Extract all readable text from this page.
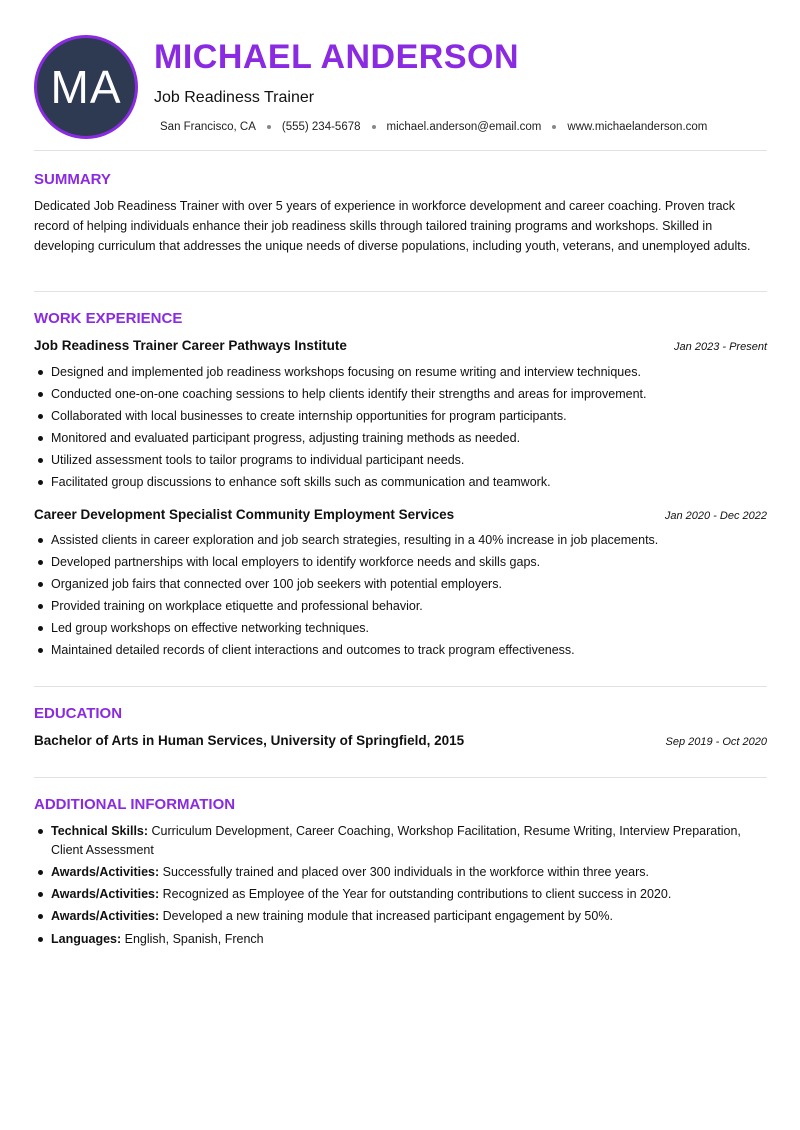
MA
MICHAEL ANDERSON
Job Readiness Trainer
San Francisco, CA (555) 234-5678 michael.anderson@email.com www.michaelanderson.com
SUMMARY

Dedicated Job Readiness Trainer with over 5 years of experience in workforce development and career coaching. Proven track record of helping individuals enhance their job readiness skills through tailored training programs and workshops. Skilled in developing curriculum that addresses the unique needs of diverse populations, including youth, veterans, and unemployed adults.

WORK EXPERIENCE
Job Readiness Trainer Career Pathways Institute	Jan 2023 - Present
Designed and implemented job readiness workshops focusing on resume writing and interview techniques.
Conducted one-on-one coaching sessions to help clients identify their strengths and areas for improvement.
Collaborated with local businesses to create internship opportunities for program participants.
Monitored and evaluated participant progress, adjusting training methods as needed.
Utilized assessment tools to tailor programs to individual participant needs.
Facilitated group discussions to enhance soft skills such as communication and teamwork.
Career Development Specialist Community Employment Services	Jan 2020 - Dec 2022
Assisted clients in career exploration and job search strategies, resulting in a 40% increase in job placements.
Developed partnerships with local employers to identify workforce needs and skills gaps.
Organized job fairs that connected over 100 job seekers with potential employers.
Provided training on workplace etiquette and professional behavior.
Led group workshops on effective networking techniques.
Maintained detailed records of client interactions and outcomes to track program effectiveness.
EDUCATION
Bachelor of Arts in Human Services, University of Springfield, 2015	Sep 2019 - Oct 2020
ADDITIONAL INFORMATION
Technical Skills: Curriculum Development, Career Coaching, Workshop Facilitation, Resume Writing, Interview Preparation, Client Assessment
Awards/Activities: Successfully trained and placed over 300 individuals in the workforce within three years.
Awards/Activities: Recognized as Employee of the Year for outstanding contributions to client success in 2020.
Awards/Activities: Developed a new training module that increased participant engagement by 50%.
Languages: English, Spanish, French
